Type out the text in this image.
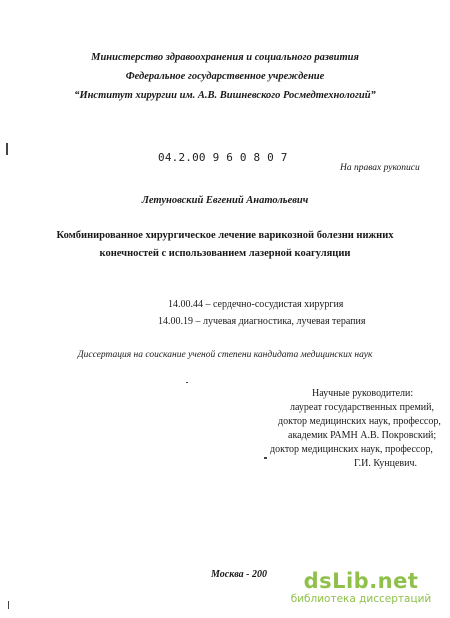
Министерство здравоохранения и социального развития
Федеральное государственное учреждение
“Институт хирургии им. А.В. Вишневского Росмедтехнологий”
04.2.00 9 6 0 8 0 7
На правах рукописи
Летуновский Евгений Анатольевич
Комбинированное хирургическое лечение варикозной болезни нижних
конечностей с использованием лазерной коагуляции
14.00.44 – сердечно-сосудистая хирургия
14.00.19 – лучевая диагностика, лучевая терапия
Диссертация на соискание ученой степени кандидата медицинских наук
Научные руководители:
лауреат государственных премий,
доктор медицинских наук, профессор,
академик РАМН А.В. Покровский;
доктор медицинских наук, профессор,
Г.И. Кунцевич.
Москва - 200	dsLib.net
библиотека диссертаций
